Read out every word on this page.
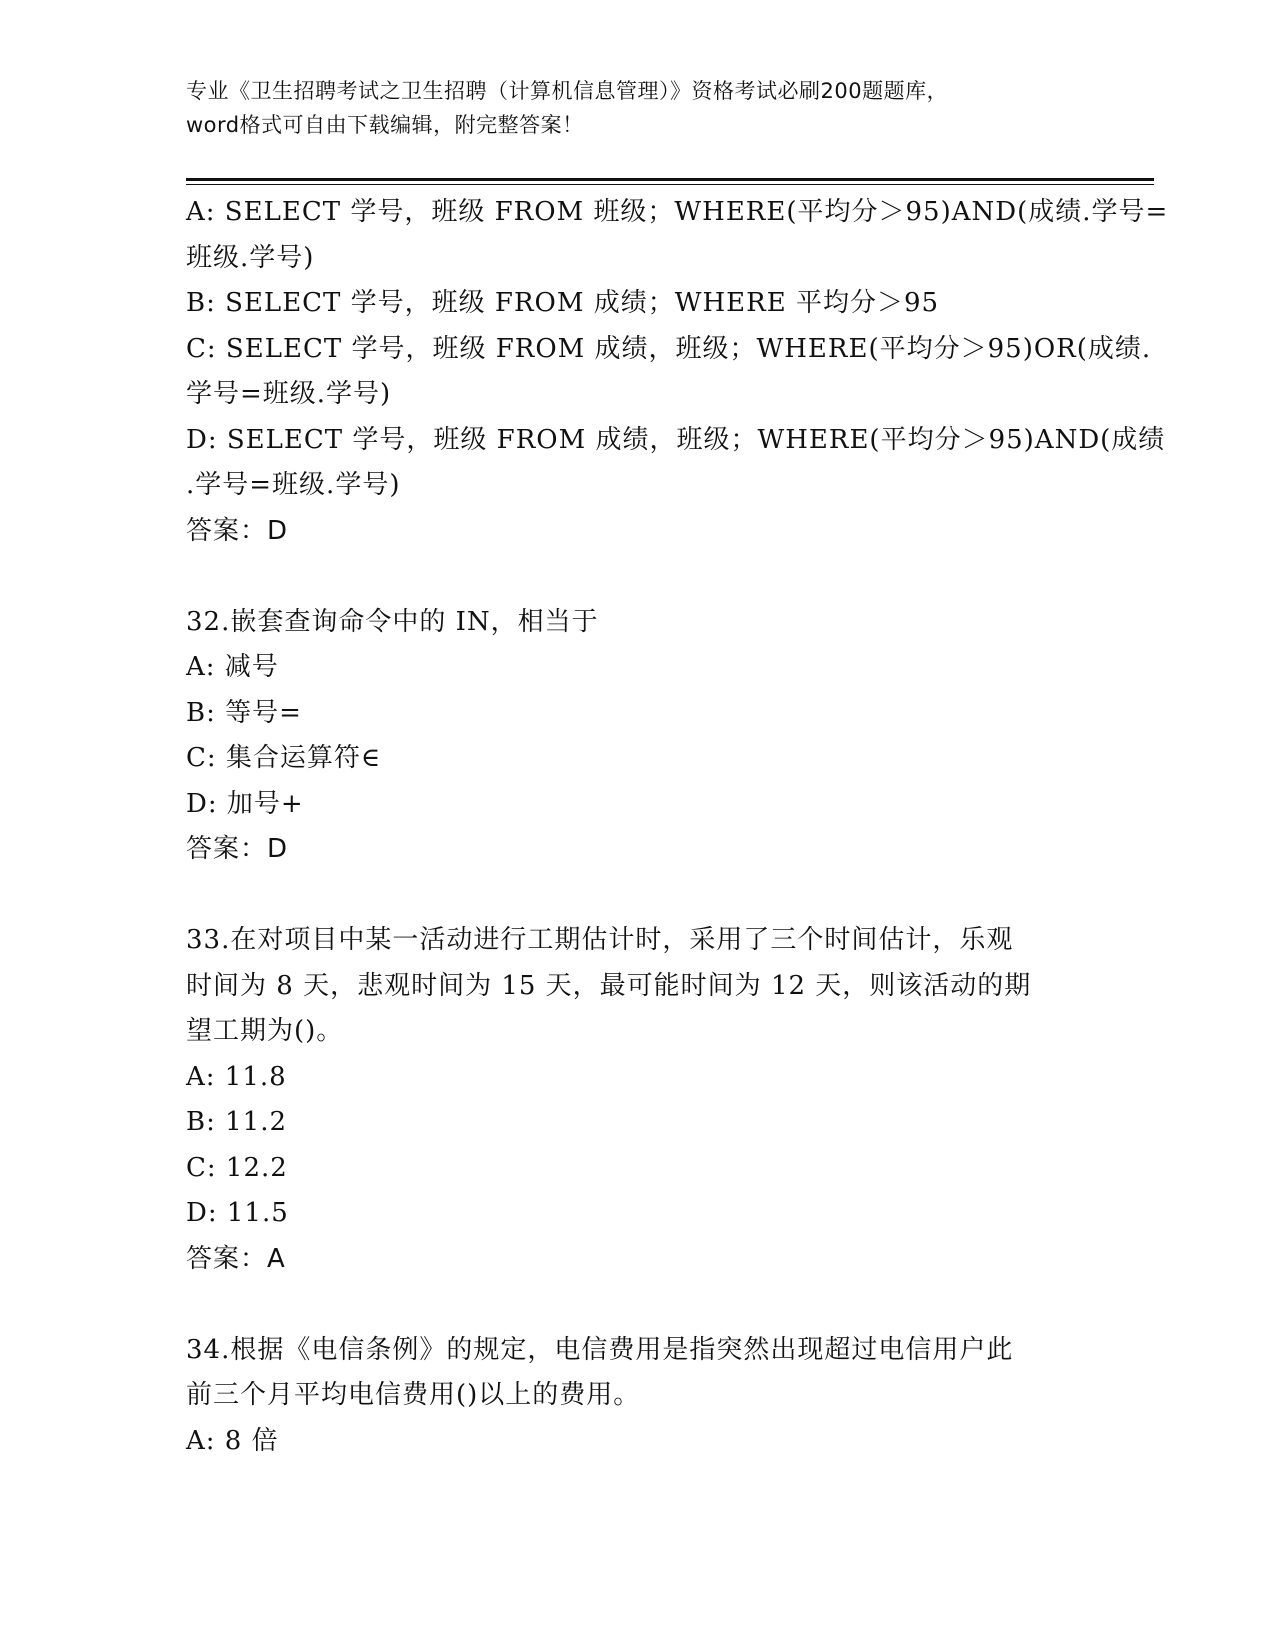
专业《卫生招聘考试之卫生招聘（计算机信息管理）》资格考试必刷200题题库，
word格式可自由下载编辑，附完整答案！
A: SELECT 学号，班级 FROM 班级；WHERE(平均分＞95)AND(成绩.学号=
班级.学号)
B: SELECT 学号，班级 FROM 成绩；WHERE 平均分＞95
C: SELECT 学号，班级 FROM 成绩，班级；WHERE(平均分＞95)OR(成绩.
学号=班级.学号)
D: SELECT 学号，班级 FROM 成绩，班级；WHERE(平均分＞95)AND(成绩
.学号=班级.学号)
答案：D
32.嵌套查询命令中的 IN，相当于
A: 减号
B: 等号=
C: 集合运算符∈
D: 加号+
答案：D
33.在对项目中某一活动进行工期估计时，采用了三个时间估计，乐观
时间为 8 天，悲观时间为 15 天，最可能时间为 12 天，则该活动的期
望工期为()。
A: 11.8
B: 11.2
C: 12.2
D: 11.5
答案：A
34.根据《电信条例》的规定，电信费用是指突然出现超过电信用户此
前三个月平均电信费用()以上的费用。
A: 8 倍
